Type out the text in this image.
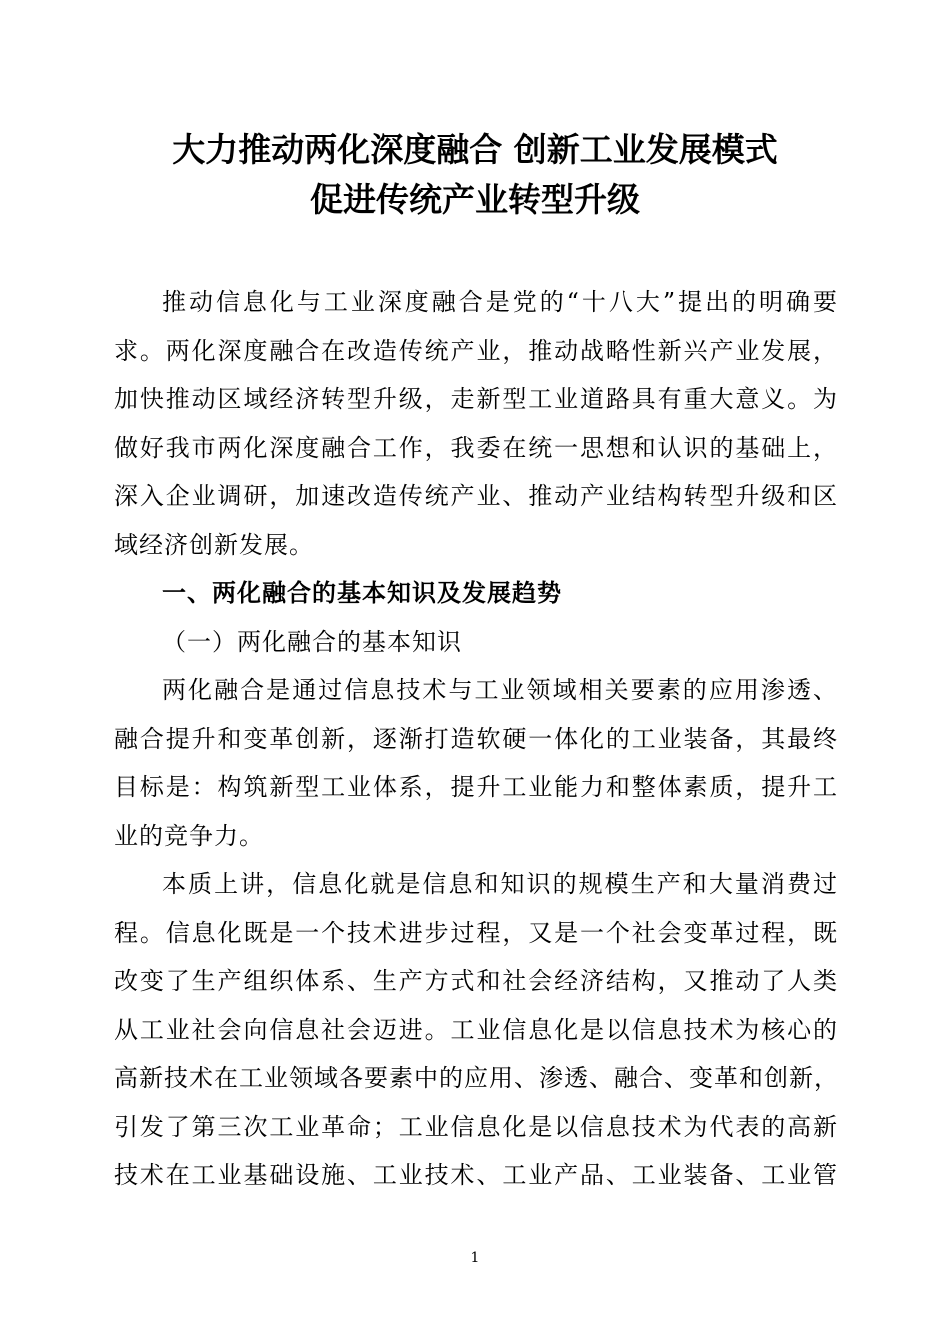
大力推动两化深度融合 创新工业发展模式
促进传统产业转型升级
推动信息化与工业深度融合是党的“十八大”提出的明确要
求。两化深度融合在改造传统产业，推动战略性新兴产业发展，
加快推动区域经济转型升级，走新型工业道路具有重大意义。为
做好我市两化深度融合工作，我委在统一思想和认识的基础上，
深入企业调研，加速改造传统产业、推动产业结构转型升级和区
域经济创新发展。
一、两化融合的基本知识及发展趋势
（一）两化融合的基本知识
两化融合是通过信息技术与工业领域相关要素的应用渗透、
融合提升和变革创新，逐渐打造软硬一体化的工业装备，其最终
目标是：构筑新型工业体系，提升工业能力和整体素质，提升工
业的竞争力。
本质上讲，信息化就是信息和知识的规模生产和大量消费过
程。信息化既是一个技术进步过程，又是一个社会变革过程，既
改变了生产组织体系、生产方式和社会经济结构，又推动了人类
从工业社会向信息社会迈进。工业信息化是以信息技术为核心的
高新技术在工业领域各要素中的应用、渗透、融合、变革和创新，
引发了第三次工业革命；工业信息化是以信息技术为代表的高新
技术在工业基础设施、工业技术、工业产品、工业装备、工业管
1
